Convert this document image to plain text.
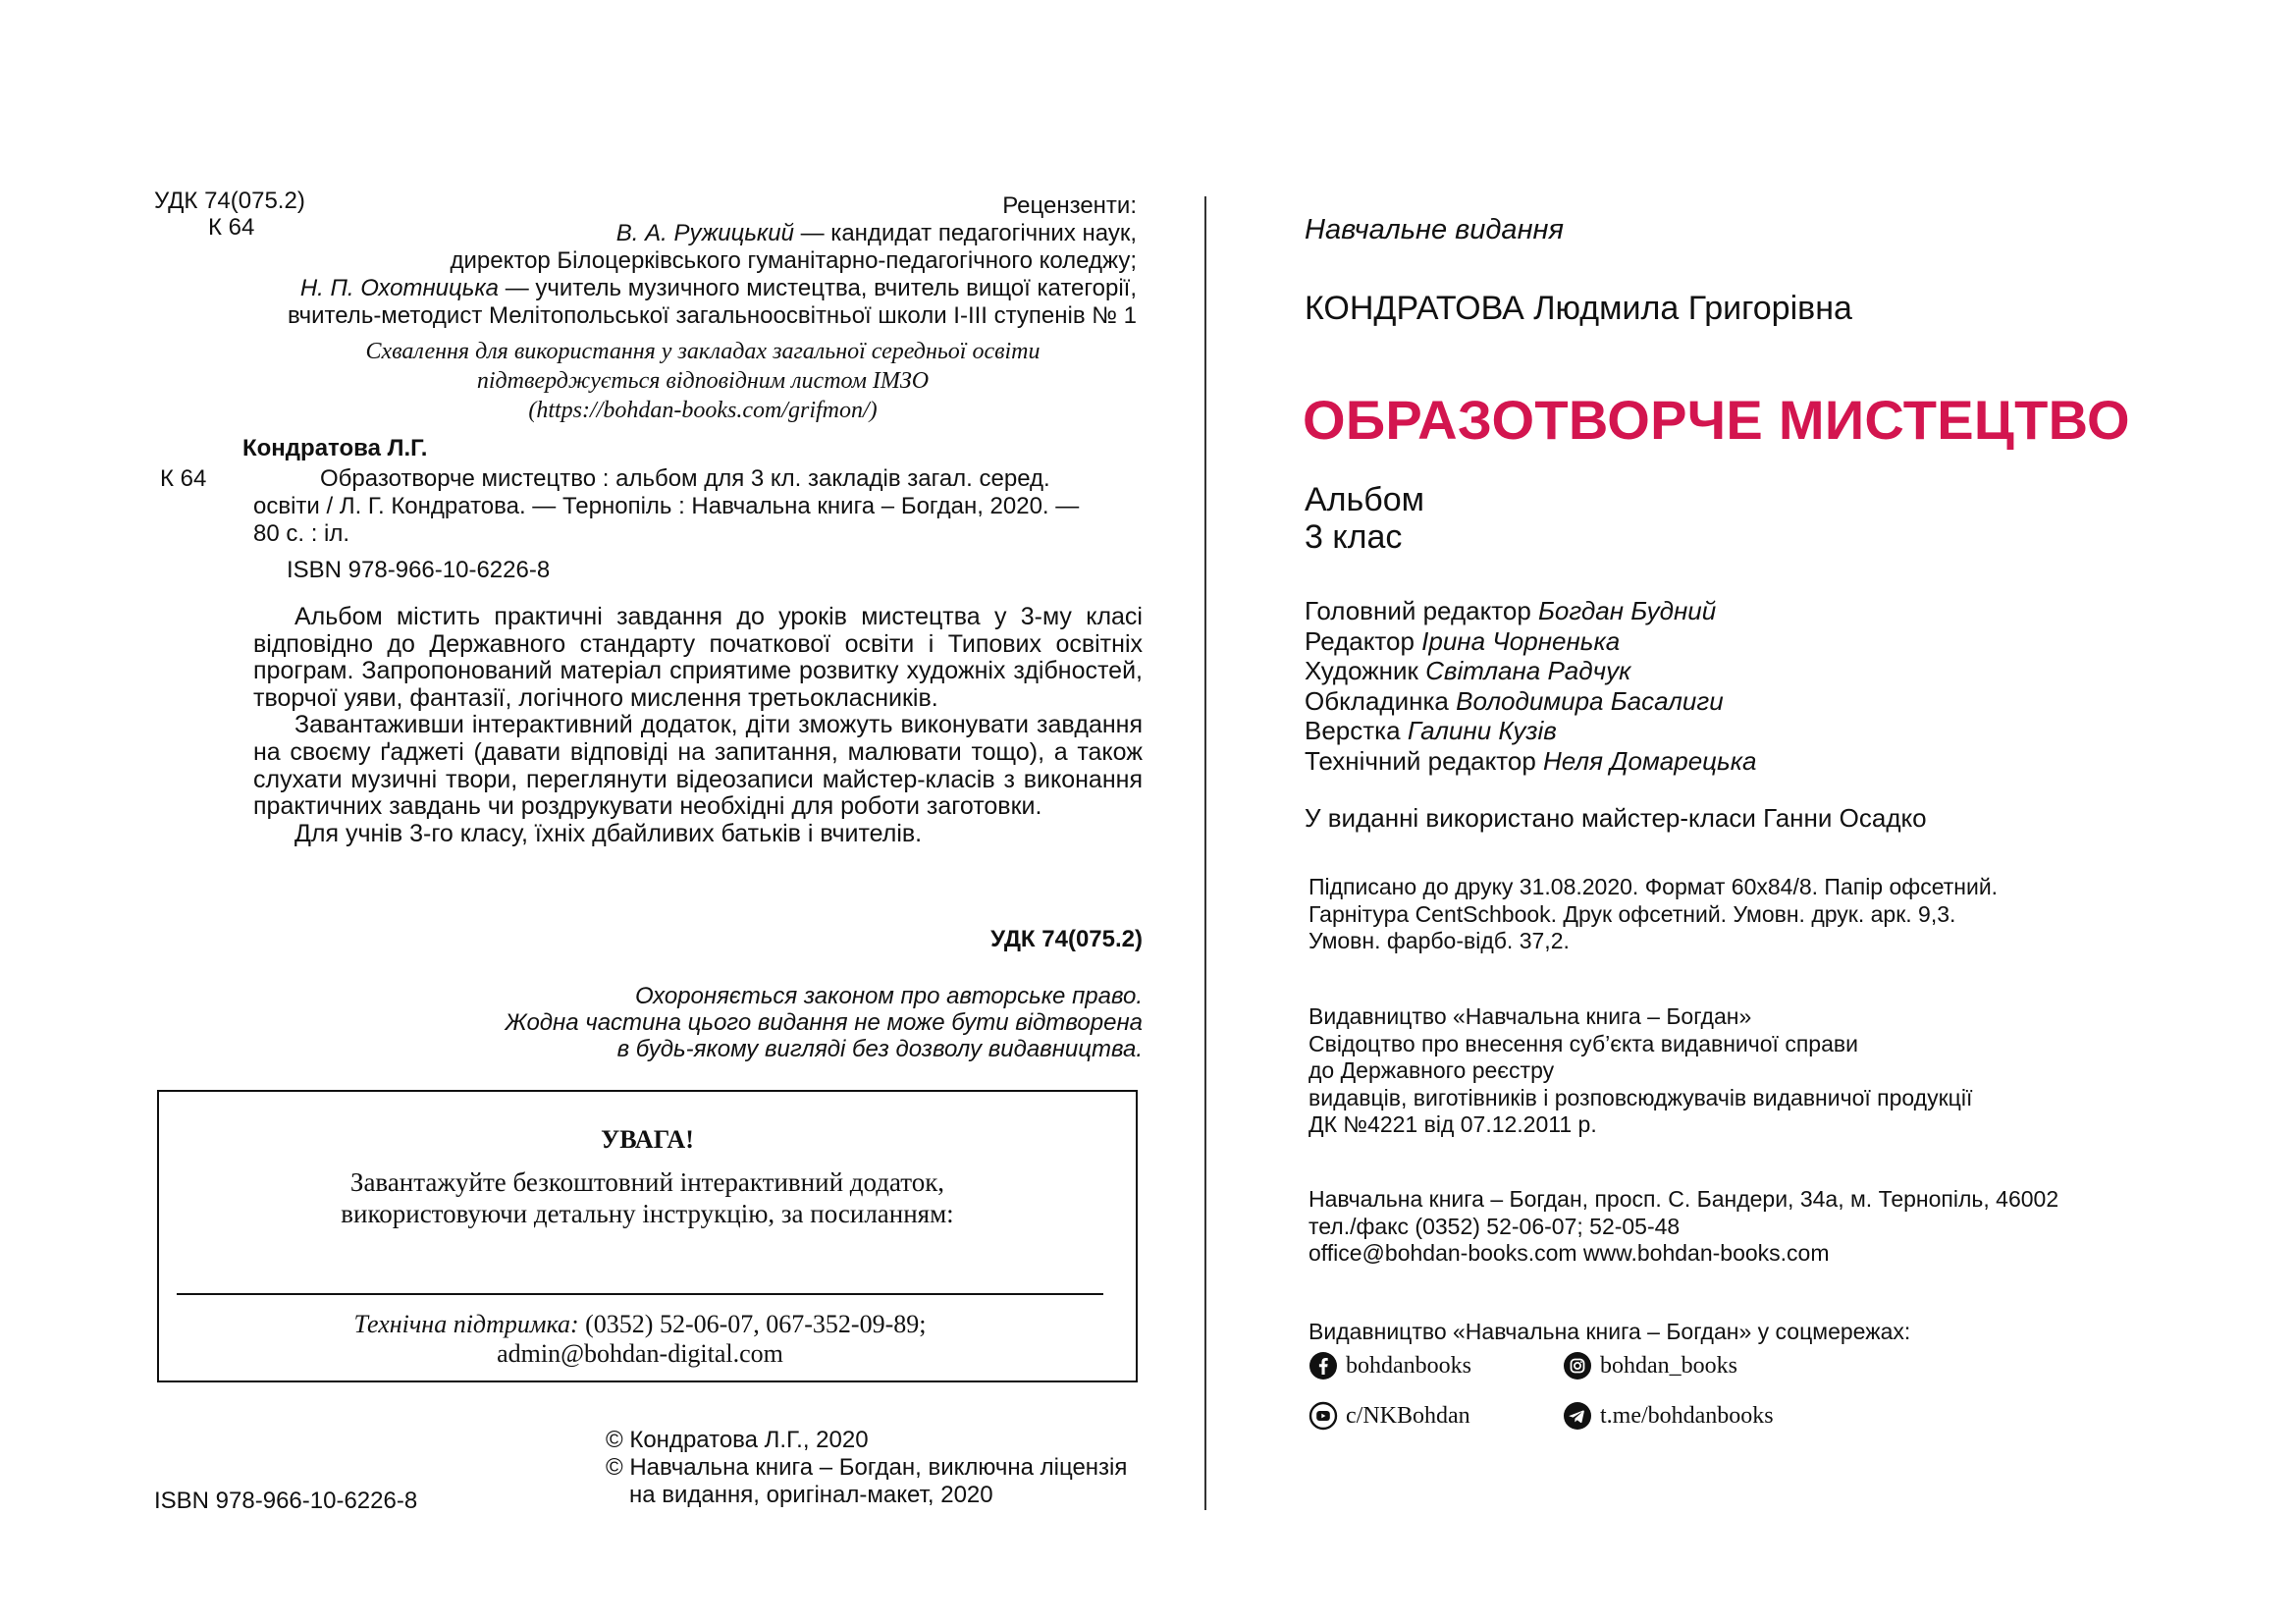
УДК 74(075.2)
К 64
Рецензенти:
В. А. Ружицький — кандидат педагогічних наук,
директор Білоцерківського гуманітарно-педагогічного коледжу;
Н. П. Охотницька — учитель музичного мистецтва, вчитель вищої категорії,
вчитель-методист Мелітопольської загальноосвітньої школи І-ІІІ ступенів № 1
Схвалення для використання у закладах загальної середньої освіти
підтверджується відповідним листом ІМЗО
(https://bohdan-books.com/grifmon/)
Кондратова Л.Г.
К 64	Образотворче мистецтво : альбом для 3 кл. закладів загал. серед.
освіти / Л. Г. Кондратова. — Тернопіль : Навчальна книга – Богдан, 2020. —
80 с. : іл.
ISBN 978-966-10-6226-8

Альбом містить практичні завдання до уроків мистецтва у 3-му класі відповідно до Державного стандарту початкової освіти і Типових освітніх програм. Запропонований матеріал сприятиме розвитку художніх здібностей, творчої уяви, фантазії, логічного мислення третьокласників.

Завантаживши інтерактивний додаток, діти зможуть виконувати завдання на своєму ґаджеті (давати відповіді на запитання, малювати тощо), а також слухати музичні твори, переглянути відеозаписи майстер-класів з виконання практичних завдань чи роздрукувати необхідні для роботи заготовки.

Для учнів 3-го класу, їхніх дбайливих батьків і вчителів.

УДК 74(075.2)
Охороняється законом про авторське право.
Жодна частина цього видання не може бути відтворена
в будь-якому вигляді без дозволу видавництва.
УВАГА!
Завантажуйте безкоштовний інтерактивний додаток,
використовуючи детальну інструкцію, за посиланням:
Технічна підтримка: (0352) 52-06-07, 067-352-09-89;
admin@bohdan-digital.com
© Кондратова Л.Г., 2020
© Навчальна книга – Богдан, виключна ліцензія
на видання, оригінал-макет, 2020
ISBN 978-966-10-6226-8
Навчальне видання
КОНДРАТОВА Людмила Григорівна
ОБРАЗОТВОРЧЕ МИСТЕЦТВО
Альбом
3 клас
Головний редактор Богдан Будний
Редактор Ірина Чорненька
Художник Світлана Радчук
Обкладинка Володимира Басалиги
Верстка Галини Кузів
Технічний редактор Неля Домарецька
У виданні використано майстер-класи Ганни Осадко
Підписано до друку 31.08.2020. Формат 60х84/8. Папір офсетний.
Гарнітура CentSchbook. Друк офсетний. Умовн. друк. арк. 9,3.
Умовн. фарбо-відб. 37,2.
Видавництво «Навчальна книга – Богдан»
Свідоцтво про внесення суб’єкта видавничої справи
до Державного реєстру
видавців, виготівників і розповсюджувачів видавничої продукції
ДК №4221 від 07.12.2011 р.
Навчальна книга – Богдан, просп. С. Бандери, 34а, м. Тернопіль, 46002
тел./факс (0352) 52-06-07; 52-05-48
office@bohdan-books.com www.bohdan-books.com
Видавництво «Навчальна книга – Богдан» у соцмережах:
bohdanbooks	bohdan_books
c/NKBohdan	t.me/bohdanbooks
